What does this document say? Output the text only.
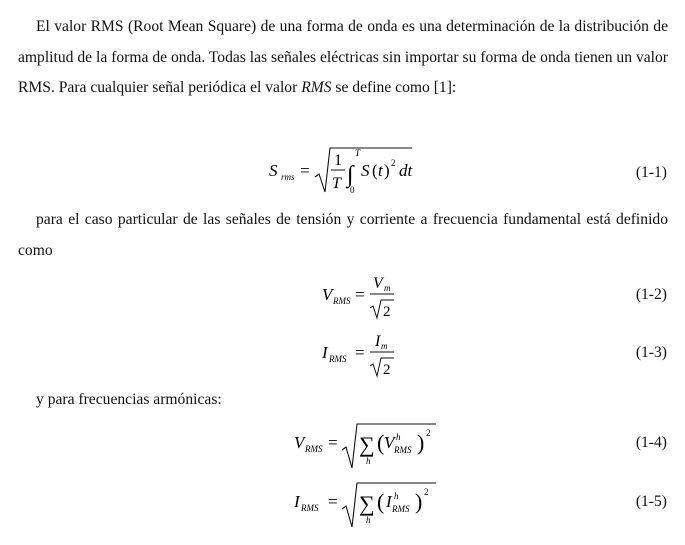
El valor RMS (Root Mean Square) de una forma de onda es una determinación de la distribución de amplitud de la forma de onda. Todas las señales eléctricas sin importar su forma de onda tienen un valor RMS. Para cualquier señal periódica el valor RMS se define como [1]:
S rms =
1
T ∫
T
0
S ( t ) 2 dt	(1-1)
para el caso particular de las señales de tensión y corriente a frecuencia fundamental está definido como
V RMS =
V m
2
(1-2)
I RMS =
I m
2
(1-3)
y para frecuencias armónicas:
V RMS = ∑
h
( V h
RMS ) 2
(1-4)
I RMS = ∑
h
( I h
RMS ) 2
(1-5)
